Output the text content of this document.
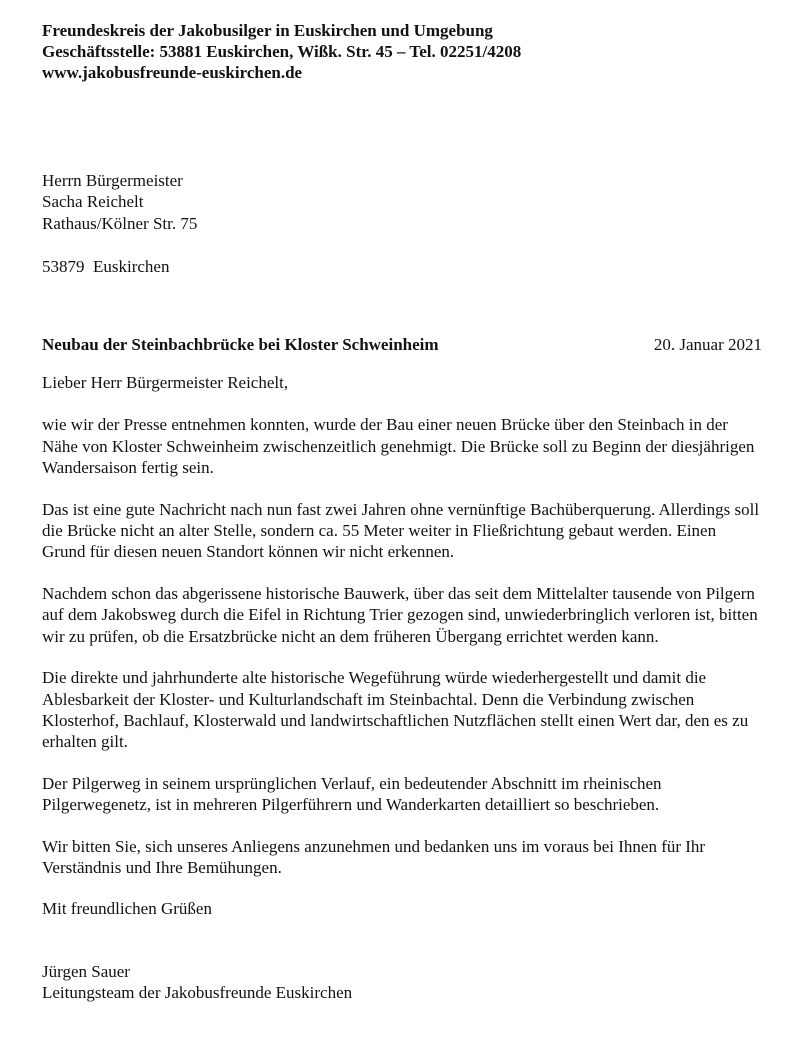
Freundeskreis der Jakobusilger in Euskirchen und Umgebung
Geschäftsstelle: 53881 Euskirchen, Wißk. Str. 45 – Tel. 02251/4208
www.jakobusfreunde-euskirchen.de
Herrn Bürgermeister
Sacha Reichelt
Rathaus/Kölner Str. 75
53879  Euskirchen
Neubau der Steinbachbrücke bei Kloster Schweinheim	20. Januar 2021
Lieber Herr Bürgermeister Reichelt,

wie wir der Presse entnehmen konnten, wurde der Bau einer neuen Brücke über den Steinbach in der Nähe von Kloster Schweinheim zwischenzeitlich genehmigt. Die Brücke soll zu Beginn der diesjährigen Wandersaison fertig sein.

Das ist eine gute Nachricht nach nun fast zwei Jahren ohne vernünftige Bachüberquerung. Allerdings soll die Brücke nicht an alter Stelle, sondern ca. 55 Meter weiter in Fließrichtung gebaut werden. Einen Grund für diesen neuen Standort können wir nicht erkennen.

Nachdem schon das abgerissene historische Bauwerk, über das seit dem Mittelalter tausende von Pilgern auf dem Jakobsweg durch die Eifel in Richtung Trier gezogen sind, unwiederbringlich verloren ist, bitten wir zu prüfen, ob die Ersatzbrücke nicht an dem früheren Übergang errichtet werden kann.

Die direkte und jahrhunderte alte historische Wegeführung würde wiederhergestellt und damit die Ablesbarkeit der Kloster- und Kulturlandschaft im Steinbachtal. Denn die Verbindung zwischen Klosterhof, Bachlauf, Klosterwald und landwirtschaftlichen Nutzflächen stellt einen Wert dar, den es zu erhalten gilt.

Der Pilgerweg in seinem ursprünglichen Verlauf, ein bedeutender Abschnitt im rheinischen Pilgerwegenetz, ist in mehreren Pilgerführern und Wanderkarten detailliert so beschrieben.

Wir bitten Sie, sich unseres Anliegens anzunehmen und bedanken uns im voraus bei Ihnen für Ihr Verständnis und Ihre Bemühungen.

Mit freundlichen Grüßen
Jürgen Sauer
Leitungsteam der Jakobusfreunde Euskirchen
